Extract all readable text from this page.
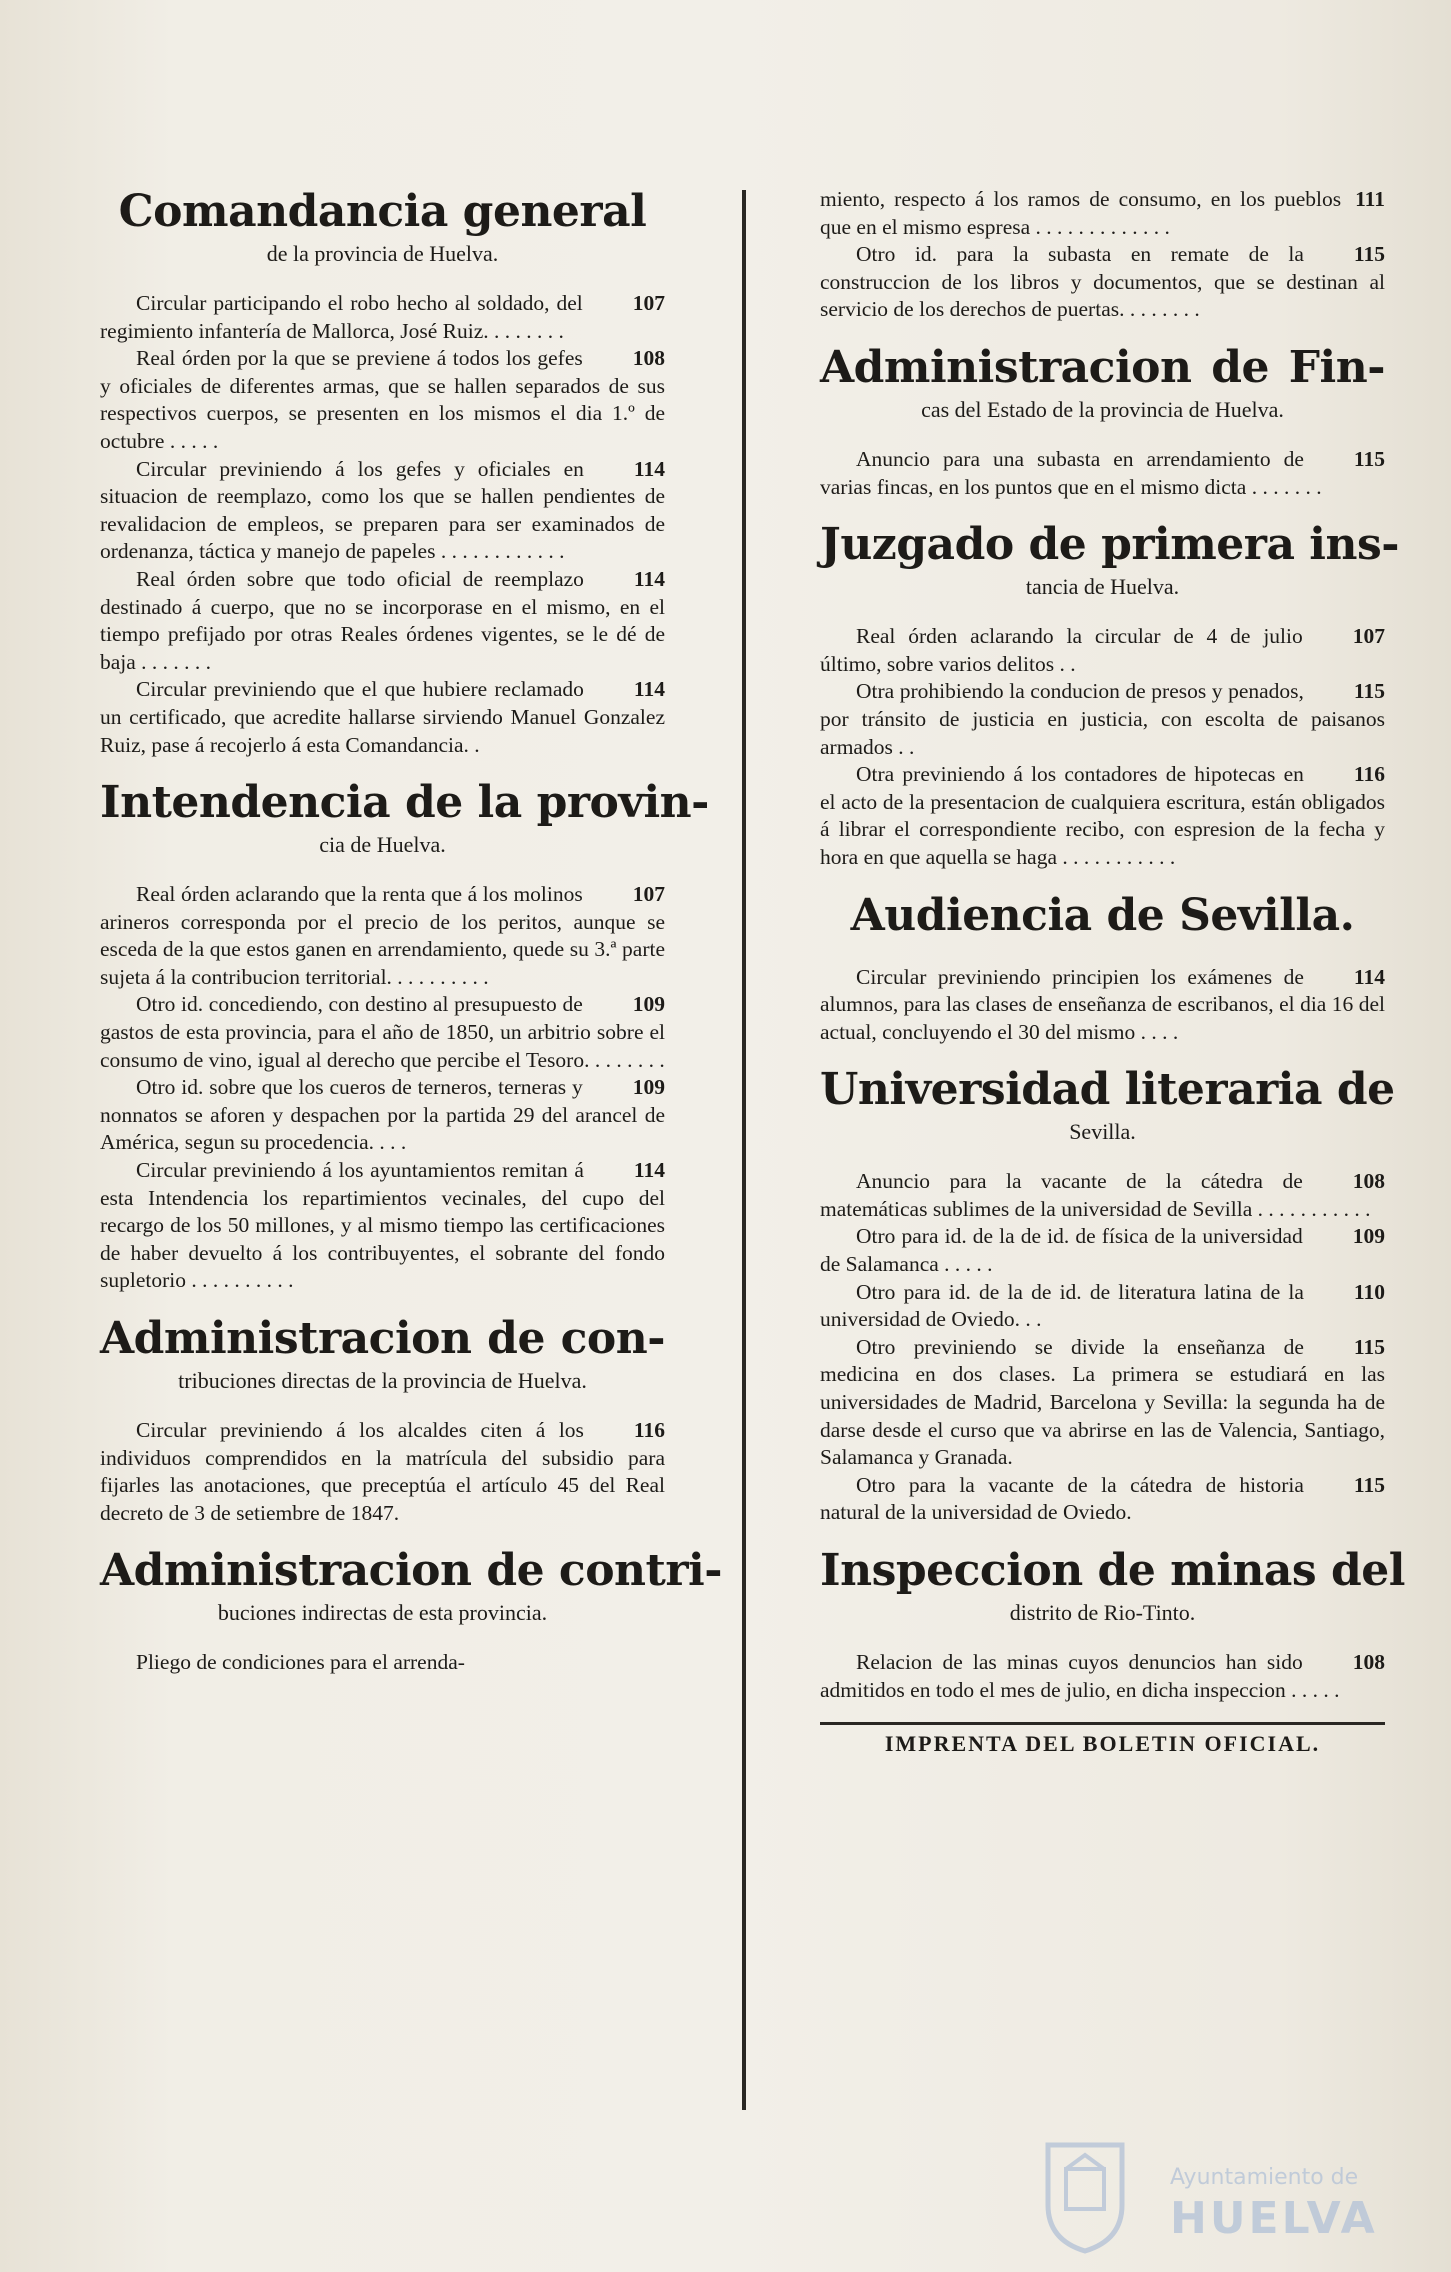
Comandancia general
de la provincia de Huelva.

107
Circular participando el robo hecho al soldado, del regimiento infantería de Mallorca, José Ruiz. . . . . . . .

108
Real órden por la que se previene á todos los gefes y oficiales de diferentes armas, que se hallen separados de sus respectivos cuerpos, se presenten en los mismos el dia 1.º de octubre . . . . .

114
Circular previniendo á los gefes y oficiales en situacion de reemplazo, como los que se hallen pendientes de revalidacion de empleos, se preparen para ser examinados de ordenanza, táctica y manejo de papeles . . . . . . . . . . . .

114
Real órden sobre que todo oficial de reemplazo destinado á cuerpo, que no se incorporase en el mismo, en el tiempo prefijado por otras Reales órdenes vigentes, se le dé de baja . . . . . . .

114
Circular previniendo que el que hubiere reclamado un certificado, que acredite hallarse sirviendo Manuel Gonzalez Ruiz, pase á recojerlo á esta Comandancia. .

Intendencia de la provin-
cia de Huelva.

107
Real órden aclarando que la renta que á los molinos arineros corresponda por el precio de los peritos, aunque se esceda de la que estos ganen en arrendamiento, quede su 3.ª parte sujeta á la contribucion territorial. . . . . . . . . .

109
Otro id. concediendo, con destino al presupuesto de gastos de esta provincia, para el año de 1850, un arbitrio sobre el consumo de vino, igual al derecho que percibe el Tesoro. . . . . . . .

109
Otro id. sobre que los cueros de terneros, terneras y nonnatos se aforen y despachen por la partida 29 del arancel de América, segun su procedencia. . . .

114
Circular previniendo á los ayuntamientos remitan á esta Intendencia los repartimientos vecinales, del cupo del recargo de los 50 millones, y al mismo tiempo las certificaciones de haber devuelto á los contribuyentes, el sobrante del fondo supletorio . . . . . . . . . .

Administracion de con-
tribuciones directas de la provincia de Huelva.

116
Circular previniendo á los alcaldes citen á los individuos comprendidos en la matrícula del subsidio para fijarles las anotaciones, que preceptúa el artículo 45 del Real decreto de 3 de setiembre de 1847.

Administracion de contri-
buciones indirectas de esta provincia.

Pliego de condiciones para el arrenda-

111
miento, respecto á los ramos de consumo, en los pueblos que en el mismo espresa . . . . . . . . . . . . .

115
Otro id. para la subasta en remate de la construccion de los libros y documentos, que se destinan al servicio de los derechos de puertas. . . . . . . .

Administracion de Fin-
cas del Estado de la provincia de Huelva.

115
Anuncio para una subasta en arrendamiento de varias fincas, en los puntos que en el mismo dicta . . . . . . .

Juzgado de primera ins-
tancia de Huelva.

107
Real órden aclarando la circular de 4 de julio último, sobre varios delitos . .

115
Otra prohibiendo la conducion de presos y penados, por tránsito de justicia en justicia, con escolta de paisanos armados . .

116
Otra previniendo á los contadores de hipotecas en el acto de la presentacion de cualquiera escritura, están obligados á librar el correspondiente recibo, con espresion de la fecha y hora en que aquella se haga . . . . . . . . . . .

Audiencia de Sevilla.

114
Circular previniendo principien los exámenes de alumnos, para las clases de enseñanza de escribanos, el dia 16 del actual, concluyendo el 30 del mismo . . . .

Universidad literaria de
Sevilla.

108
Anuncio para la vacante de la cátedra de matemáticas sublimes de la universidad de Sevilla . . . . . . . . . . .

109
Otro para id. de la de id. de física de la universidad de Salamanca . . . . .

110
Otro para id. de la de id. de literatura latina de la universidad de Oviedo. . .

115
Otro previniendo se divide la enseñanza de medicina en dos clases. La primera se estudiará en las universidades de Madrid, Barcelona y Sevilla: la segunda ha de darse desde el curso que va abrirse en las de Valencia, Santiago, Salamanca y Granada.

115
Otro para la vacante de la cátedra de historia natural de la universidad de Oviedo.

Inspeccion de minas del
distrito de Rio-Tinto.

108
Relacion de las minas cuyos denuncios han sido admitidos en todo el mes de julio, en dicha inspeccion . . . . .

IMPRENTA DEL BOLETIN OFICIAL.
Ayuntamiento de
HUELVA
